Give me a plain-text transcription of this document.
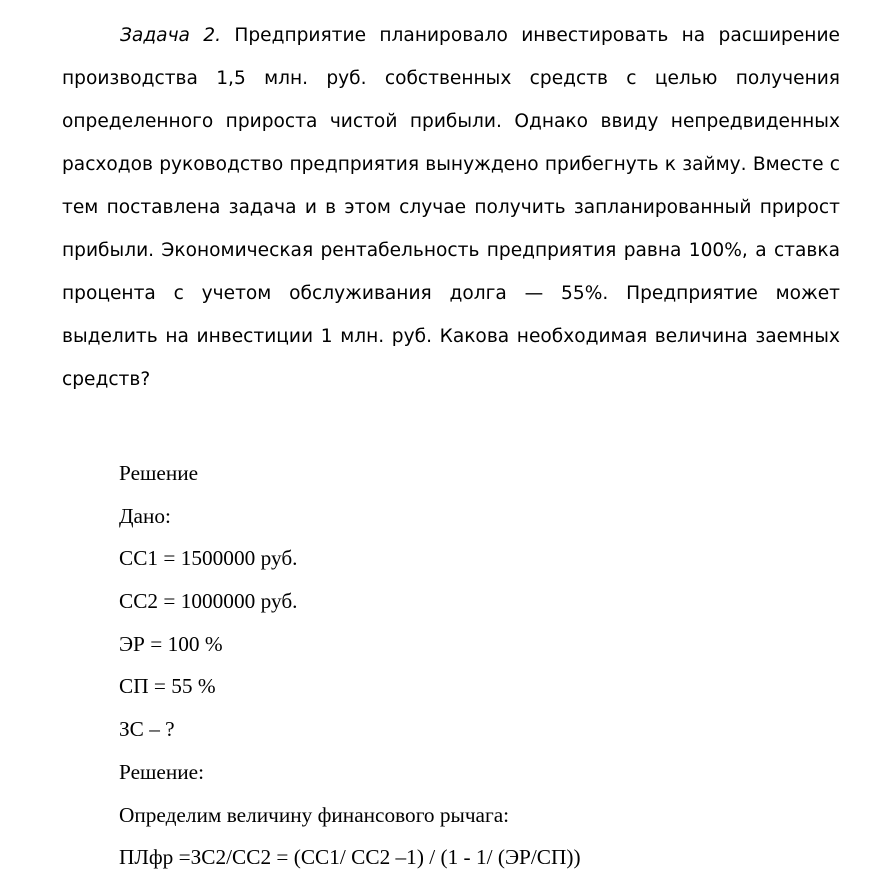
Задача 2. Предприятие планировало инвестировать на расширение
производства 1,5 млн. руб. собственных средств с целью получения
определенного прироста чистой прибыли. Однако ввиду непредвиденных
расходов руководство предприятия вынуждено прибегнуть к займу. Вместе с
тем поставлена задача и в этом случае получить запланированный прирост
прибыли. Экономическая рентабельность предприятия равна 100%, а ставка
процента с учетом обслуживания долга — 55%. Предприятие может
выделить на инвестиции 1 млн. руб. Какова необходимая величина заемных
средств?
Решение
Дано:
СС1 = 1500000 руб.
СС2 = 1000000 руб.
ЭР = 100 %
СП = 55 %
ЗС – ?
Решение:
Определим величину финансового рычага:
ПЛфр =ЗС2/СС2 = (СС1/ СС2 –1) / (1 - 1/ (ЭР/СП))
